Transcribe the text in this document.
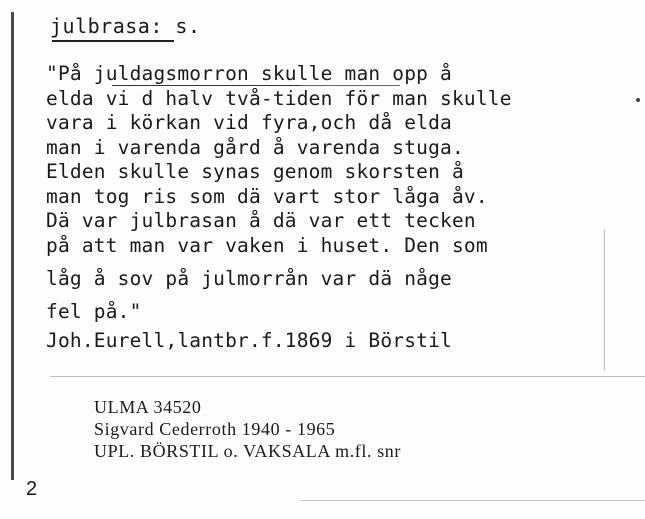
julbrasa: s.
"På juldagsmorron skulle man opp å
elda vi d halv två-tiden för man skulle
vara i körkan vid fyra,och då elda
man i varenda gård å varenda stuga.
Elden skulle synas genom skorsten å
man tog ris som dä vart stor låga åv.
Dä var julbrasan å dä var ett tecken
på att man var vaken i huset. Den som
låg å sov på julmorrån var dä någe
fel på."
Joh.Eurell,lantbr.f.1869 i Börstil
ULMA 34520
Sigvard Cederroth 1940 - 1965
UPL. BÖRSTIL o. VAKSALA m.fl. snr
2
